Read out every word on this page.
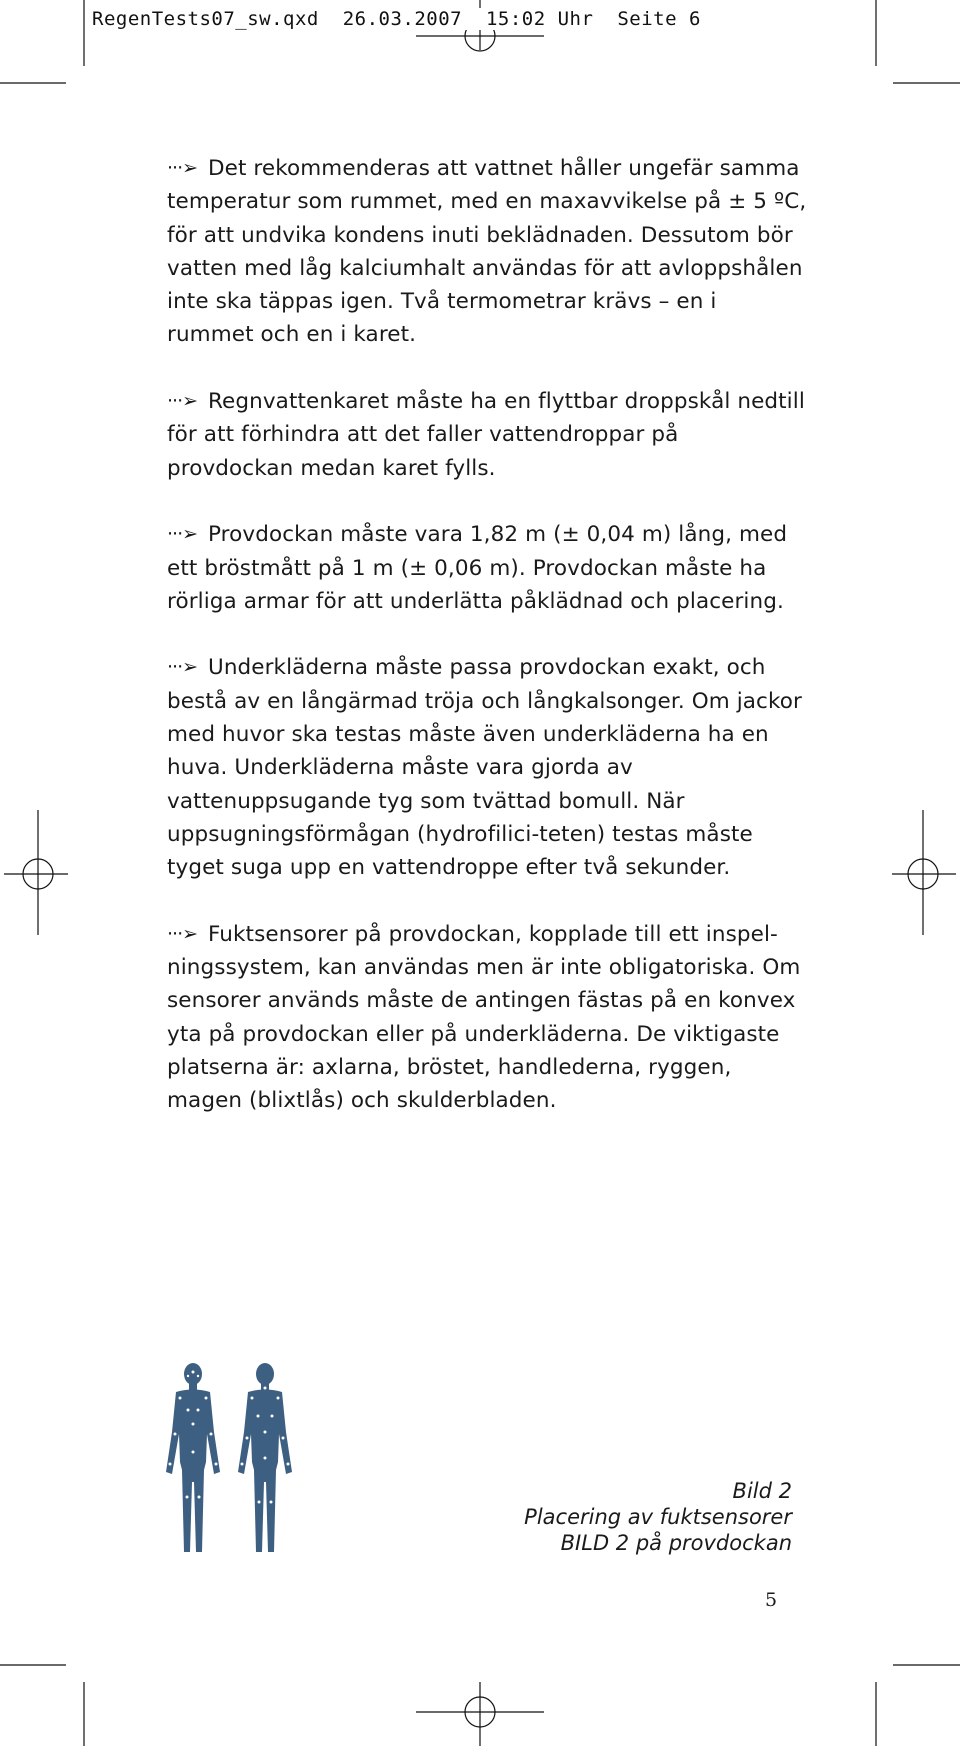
RegenTests07_sw.qxd  26.03.2007  15:02 Uhr  Seite 6

···➢ Det rekommenderas att vattnet håller ungefär samma temperatur som rummet, med en maxavvikelse på ± 5 ºC, för att undvika kondens inuti beklädnaden. Dessutom bör vatten med låg kalciumhalt användas för att avloppshålen inte ska täppas igen. Två termometrar krävs – en i rummet och en i karet.

···➢ Regnvattenkaret måste ha en flyttbar droppskål nedtill för att förhindra att det faller vattendroppar på provdockan medan karet fylls.

···➢ Provdockan måste vara 1,82 m (± 0,04 m) lång, med ett bröstmått på 1 m (± 0,06 m). Provdockan måste ha rörliga armar för att underlätta påklädnad och placering.

···➢ Underkläderna måste passa provdockan exakt, och bestå av en långärmad tröja och långkalsonger. Om jackor med huvor ska testas måste även underkläderna ha en huva. Underkläderna måste vara gjorda av vattenuppsugande tyg som tvättad bomull. När uppsugningsförmågan (hydrofilici-teten) testas måste tyget suga upp en vattendroppe efter två sekunder.

···➢ Fuktsensorer på provdockan, kopplade till ett inspel-ningssystem, kan användas men är inte obligatoriska. Om sensorer används måste de antingen fästas på en konvex yta på provdockan eller på underkläderna. De viktigaste platserna är: axlarna, bröstet, handlederna, ryggen, magen (blixtlås) och skulderbladen.

Bild 2
Placering av fuktsensorer
BILD 2 på provdockan
5
